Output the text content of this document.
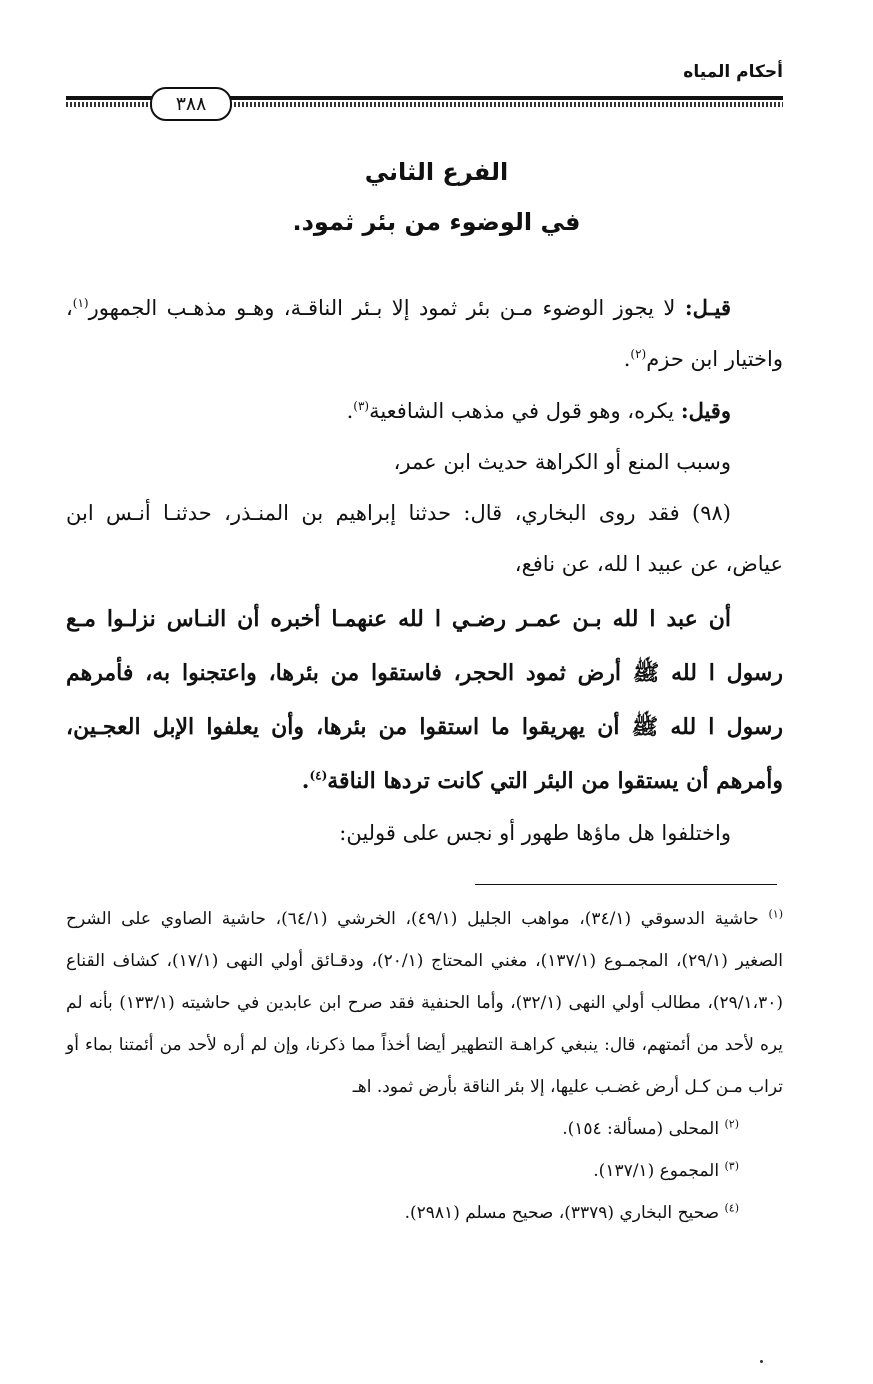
أحكام المياه
٣٨٨
الفرع الثاني
في الوضوء من بئر ثمود.

قيـل: لا يجوز الوضوء مـن بئر ثمود إلا بـئر الناقـة، وهـو مذهـب الجمهور$^{(١)}$، واختيار ابن حزم$^{(٢)}$.

وقيل: يكره، وهو قول في مذهب الشافعية$^{(٣)}$.

وسبب المنع أو الكراهة حديث ابن عمر،

(٩٨) فقد روى البخاري، قال: حدثنا إبراهيم بن المنـذر، حدثنـا أنـس ابن عياض، عن عبيد ا لله، عن نافع،

أن عبد ا لله بـن عمـر رضـي ا لله عنهمـا أخبره أن النـاس نزلـوا مـع رسول ا لله ﷺ أرض ثمود الحجر، فاستقوا من بئرها، واعتجنوا به، فأمرهم رسول ا لله ﷺ أن يهريقوا ما استقوا من بئرها، وأن يعلفوا الإبل العجـين، وأمرهم أن يستقوا من البئر التي كانت تردها الناقة$^{(٤)}$.

واختلفوا هل ماؤها طهور أو نجس على قولين:

$^{(١)}$ حاشية الدسوقي (٣٤/١)، مواهب الجليل (٤٩/١)، الخرشي (٦٤/١)، حاشية الصاوي على الشرح الصغير (٢٩/١)، المجمـوع (١٣٧/١)، مغني المحتاج (٢٠/١)، ودقـائق أولي النهى (١٧/١)، كشاف القناع (٢٩/١،٣٠)، مطالب أولي النهى (٣٢/١)، وأما الحنفية فقد صرح ابن عابدين في حاشيته (١٣٣/١) بأنه لم يره لأحد من أئمتهم، قال: ينبغي كراهـة التطهير أيضا أخذاً مما ذكرنا، وإن لم أره لأحد من أئمتنا بماء أو تراب مـن كـل أرض غضـب عليها، إلا بئر الناقة بأرض ثمود. اهـ

$^{(٢)}$ المحلى (مسألة: ١٥٤).

$^{(٣)}$ المجموع (١٣٧/١).

$^{(٤)}$ صحيح البخاري (٣٣٧٩)، صحيح مسلم (٢٩٨١).
